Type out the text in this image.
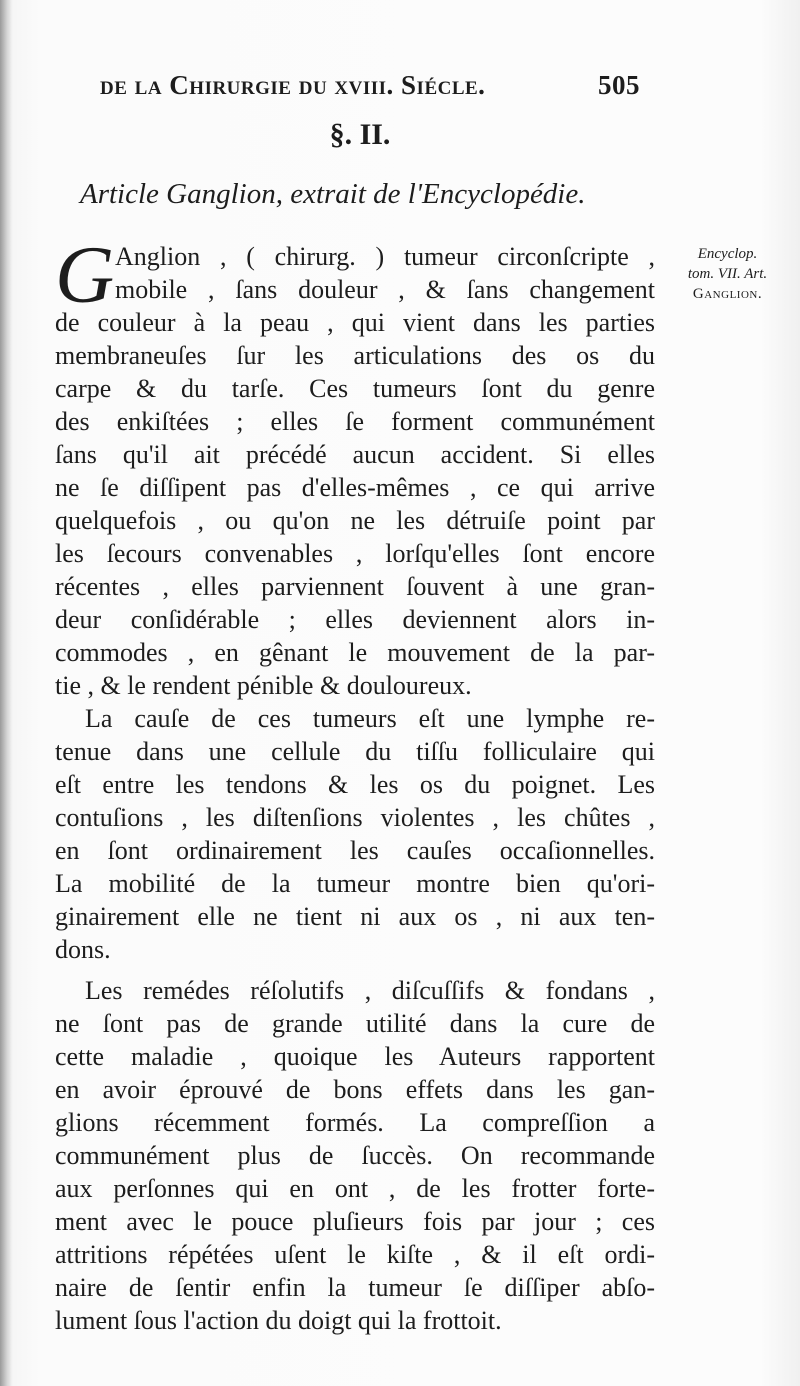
de la Chirurgie du xviii. Siécle.	505
§. II.
Article Ganglion, extrait de l'Encyclopédie.
Encyclop.
tom. VII. Art.
Ganglion.
G Anglion , ( chirurg. ) tumeur circonſcripte ,
mobile , ſans douleur , & ſans changement
de couleur à la peau , qui vient dans les parties
membraneuſes ſur les articulations des os du
carpe & du tarſe. Ces tumeurs ſont du genre
des enkiſtées ; elles ſe forment communément
ſans qu'il ait précédé aucun accident. Si elles
ne ſe diſſipent pas d'elles-mêmes , ce qui arrive
quelquefois , ou qu'on ne les détruiſe point par
les ſecours convenables , lorſqu'elles ſont encore
récentes , elles parviennent ſouvent à une gran-
deur conſidérable ; elles deviennent alors in-
commodes , en gênant le mouvement de la par-
tie , & le rendent pénible & douloureux.
La cauſe de ces tumeurs eſt une lymphe re-
tenue dans une cellule du tiſſu folliculaire qui
eſt entre les tendons & les os du poignet. Les
contuſions , les diſtenſions violentes , les chûtes ,
en ſont ordinairement les cauſes occaſionnelles.
La mobilité de la tumeur montre bien qu'ori-
ginairement elle ne tient ni aux os , ni aux ten-
dons.
Les remédes réſolutifs , diſcuſſifs & fondans ,
ne ſont pas de grande utilité dans la cure de
cette maladie , quoique les Auteurs rapportent
en avoir éprouvé de bons effets dans les gan-
glions récemment formés. La compreſſion a
communément plus de ſuccès. On recommande
aux perſonnes qui en ont , de les frotter forte-
ment avec le pouce pluſieurs fois par jour ; ces
attritions répétées uſent le kiſte , & il eſt ordi-
naire de ſentir enfin la tumeur ſe diſſiper abſo-
lument ſous l'action du doigt qui la frottoit.
